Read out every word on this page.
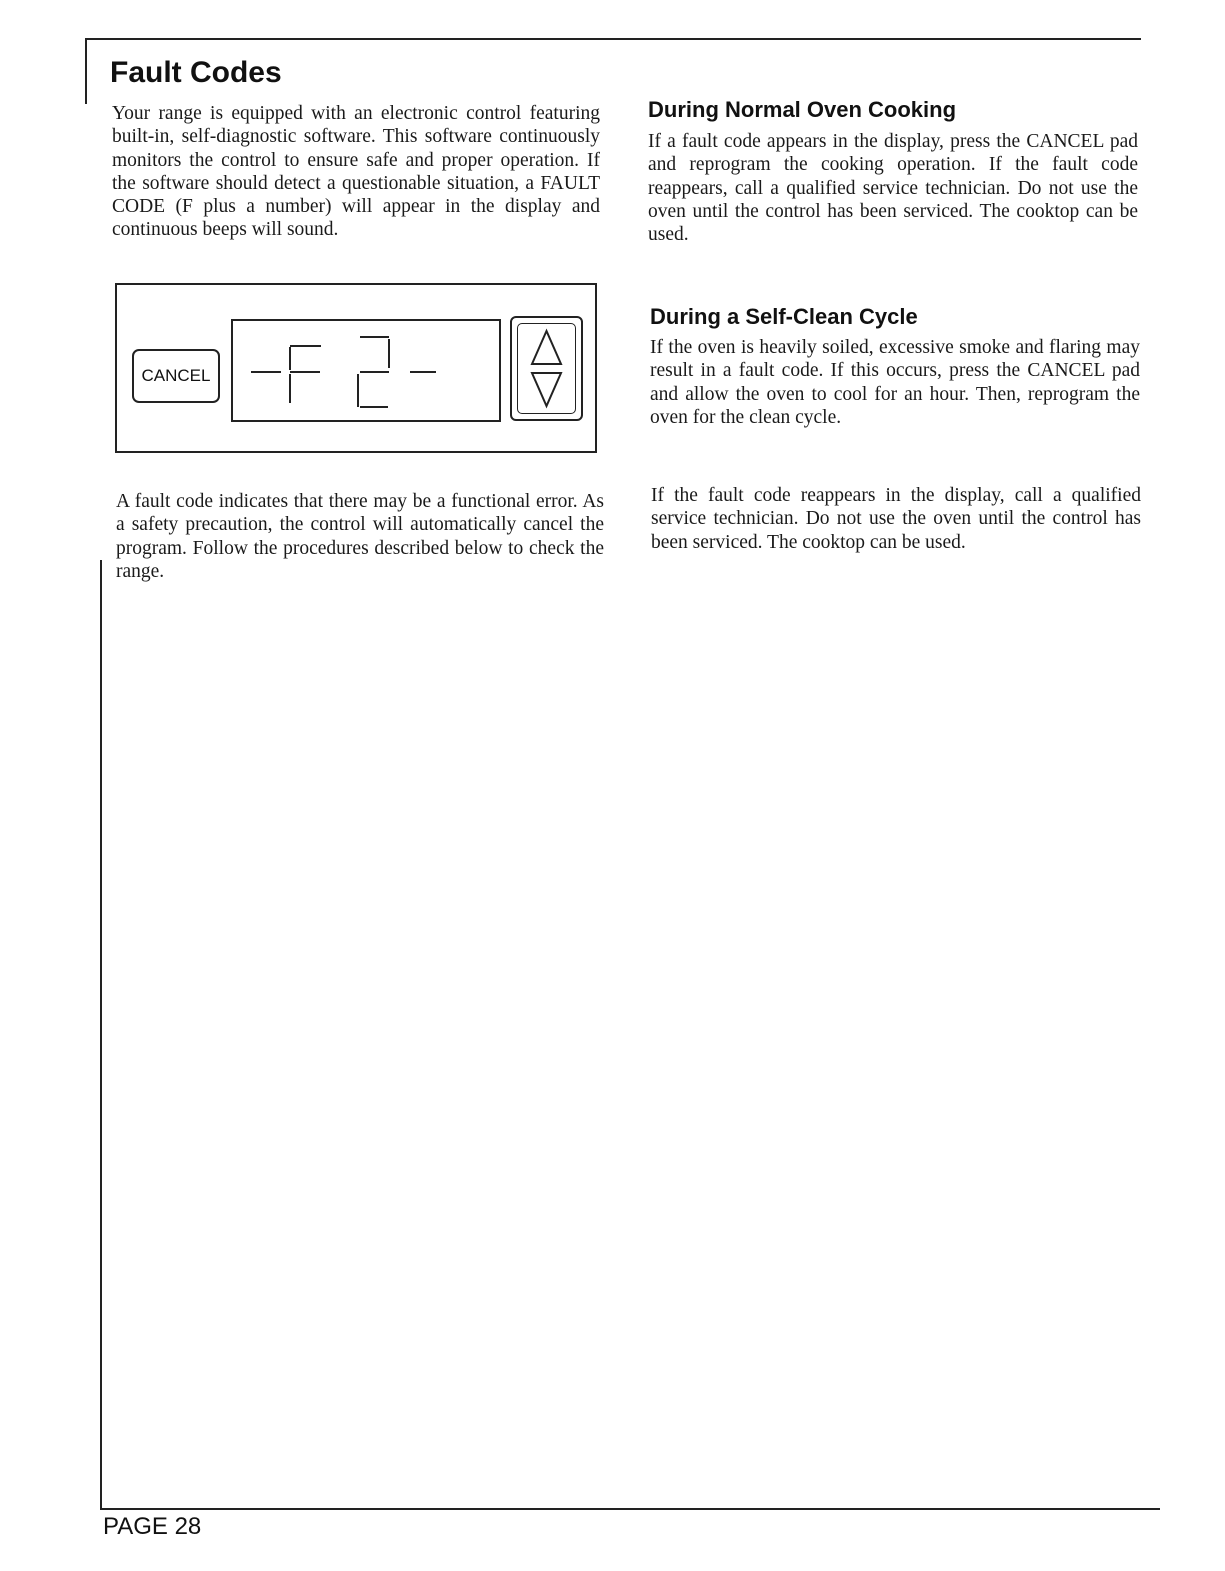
Fault Codes

Your range is equipped with an electronic control featuring built-in, self-diagnostic software. This software continuously monitors the control to ensure safe and proper operation. If the software should detect a questionable situation, a FAULT CODE (F plus a number) will appear in the display and continuous beeps will sound.

CANCEL

A fault code indicates that there may be a functional error. As a safety precaution, the control will automatically cancel the program. Follow the procedures described below to check the range.

During Normal Oven Cooking

If a fault code appears in the display, press the CANCEL pad and reprogram the cooking operation. If the fault code reappears, call a qualified service technician. Do not use the oven until the control has been serviced. The cooktop can be used.

During a Self-Clean Cycle

If the oven is heavily soiled, excessive smoke and flaring may result in a fault code. If this occurs, press the CANCEL pad and allow the oven to cool for an hour. Then, reprogram the oven for the clean cycle.

If the fault code reappears in the display, call a qualified service technician. Do not use the oven until the control has been serviced. The cooktop can be used.

PAGE 28
